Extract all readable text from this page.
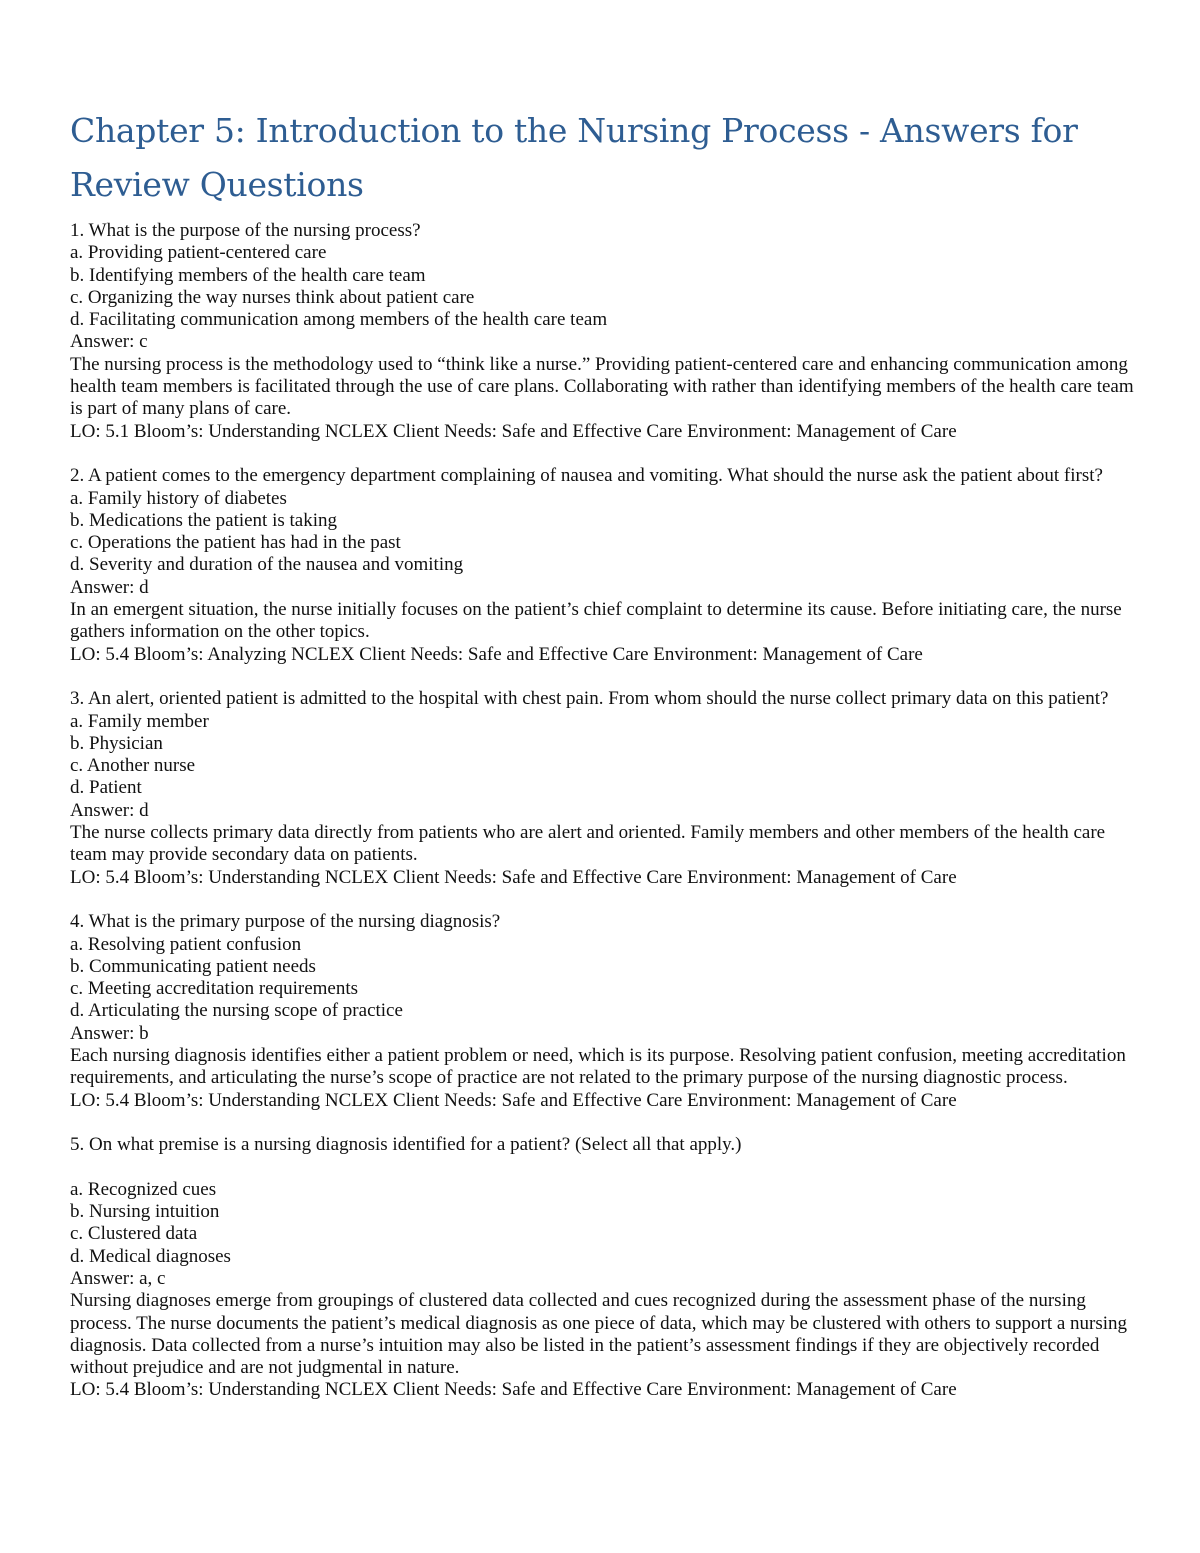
Chapter 5: Introduction to the Nursing Process - Answers for Review Questions

1. What is the purpose of the nursing process?

a. Providing patient-centered care

b. Identifying members of the health care team

c. Organizing the way nurses think about patient care

d. Facilitating communication among members of the health care team

Answer: c

The nursing process is the methodology used to “think like a nurse.” Providing patient-centered care and enhancing communication among health team members is facilitated through the use of care plans. Collaborating with rather than identifying members of the health care team is part of many plans of care.

LO: 5.1 Bloom’s: Understanding NCLEX Client Needs: Safe and Effective Care Environment: Management of Care

2. A patient comes to the emergency department complaining of nausea and vomiting. What should the nurse ask the patient about first?

a. Family history of diabetes

b. Medications the patient is taking

c. Operations the patient has had in the past

d. Severity and duration of the nausea and vomiting

Answer: d

In an emergent situation, the nurse initially focuses on the patient’s chief complaint to determine its cause. Before initiating care, the nurse gathers information on the other topics.

LO: 5.4 Bloom’s: Analyzing NCLEX Client Needs: Safe and Effective Care Environment: Management of Care

3. An alert, oriented patient is admitted to the hospital with chest pain. From whom should the nurse collect primary data on this patient?

a. Family member

b. Physician

c. Another nurse

d. Patient

Answer: d

The nurse collects primary data directly from patients who are alert and oriented. Family members and other members of the health care team may provide secondary data on patients.

LO: 5.4 Bloom’s: Understanding NCLEX Client Needs: Safe and Effective Care Environment: Management of Care

4. What is the primary purpose of the nursing diagnosis?

a. Resolving patient confusion

b. Communicating patient needs

c. Meeting accreditation requirements

d. Articulating the nursing scope of practice

Answer: b

Each nursing diagnosis identifies either a patient problem or need, which is its purpose. Resolving patient confusion, meeting accreditation requirements, and articulating the nurse’s scope of practice are not related to the primary purpose of the nursing diagnostic process.

LO: 5.4 Bloom’s: Understanding NCLEX Client Needs: Safe and Effective Care Environment: Management of Care

5. On what premise is a nursing diagnosis identified for a patient? (Select all that apply.)

a. Recognized cues

b. Nursing intuition

c. Clustered data

d. Medical diagnoses

Answer: a, c

Nursing diagnoses emerge from groupings of clustered data collected and cues recognized during the assessment phase of the nursing process. The nurse documents the patient’s medical diagnosis as one piece of data, which may be clustered with others to support a nursing diagnosis. Data collected from a nurse’s intuition may also be listed in the patient’s assessment findings if they are objectively recorded without prejudice and are not judgmental in nature.

LO: 5.4 Bloom’s: Understanding NCLEX Client Needs: Safe and Effective Care Environment: Management of Care
